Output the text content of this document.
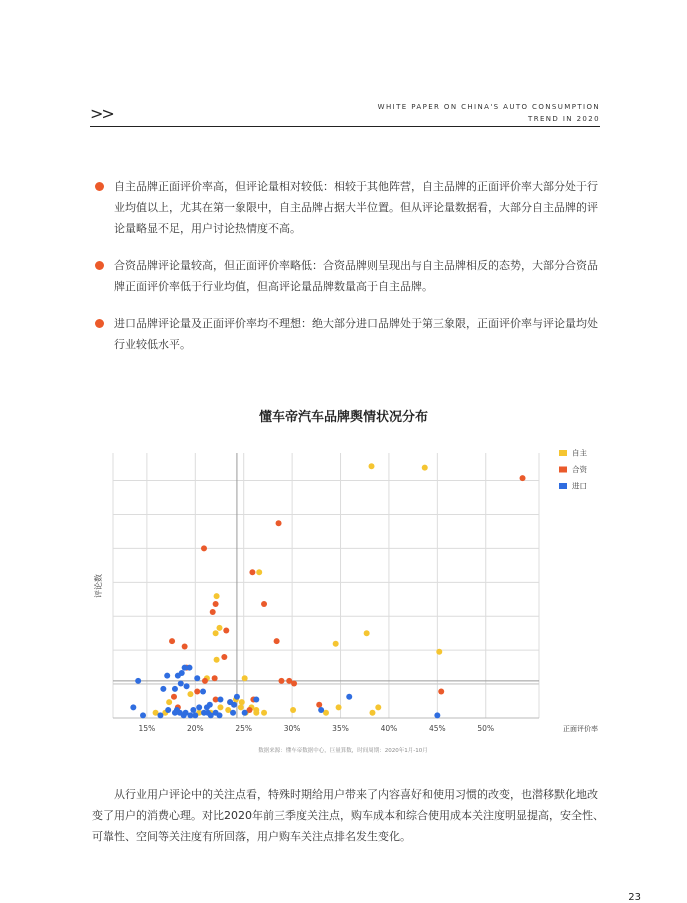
>>	WHITE PAPER ON CHINA'S AUTO CONSUMPTION
TREND IN 2020
自主品牌正面评价率高，但评论量相对较低：相较于其他阵营，自主品牌的正面评价率大部分处于行业均值以上，尤其在第一象限中，自主品牌占据大半位置。但从评论量数据看，大部分自主品牌的评论量略显不足，用户讨论热情度不高。
合资品牌评论量较高，但正面评价率略低：合资品牌则呈现出与自主品牌相反的态势，大部分合资品牌正面评价率低于行业均值，但高评论量品牌数量高于自主品牌。
进口品牌评论量及正面评价率均不理想：绝大部分进口品牌处于第三象限，正面评价率与评论量均处行业较低水平。
懂车帝汽车品牌舆情状况分布
15%	20%	25%	30%	35%	40%	45%	50%
自主
合资
进口
评论数
正面评价率
数据来源：懂车帝数据中心，巨量算数，时间周期：2020年1月-10月
从行业用户评论中的关注点看，特殊时期给用户带来了内容喜好和使用习惯的改变，也潜移默化地改变了用户的消费心理。对比2020年前三季度关注点，购车成本和综合使用成本关注度明显提高，安全性、可靠性、空间等关注度有所回落，用户购车关注点排名发生变化。
23
